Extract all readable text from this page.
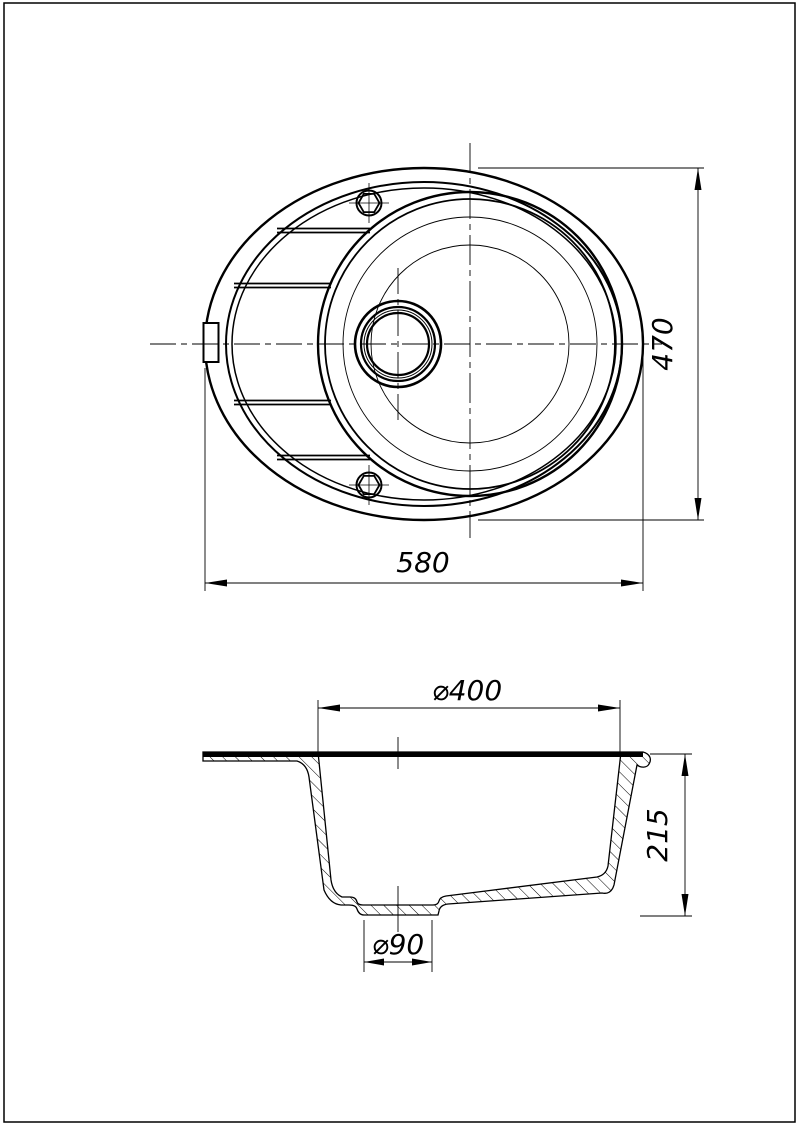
580
470
⌀400
⌀90
215
